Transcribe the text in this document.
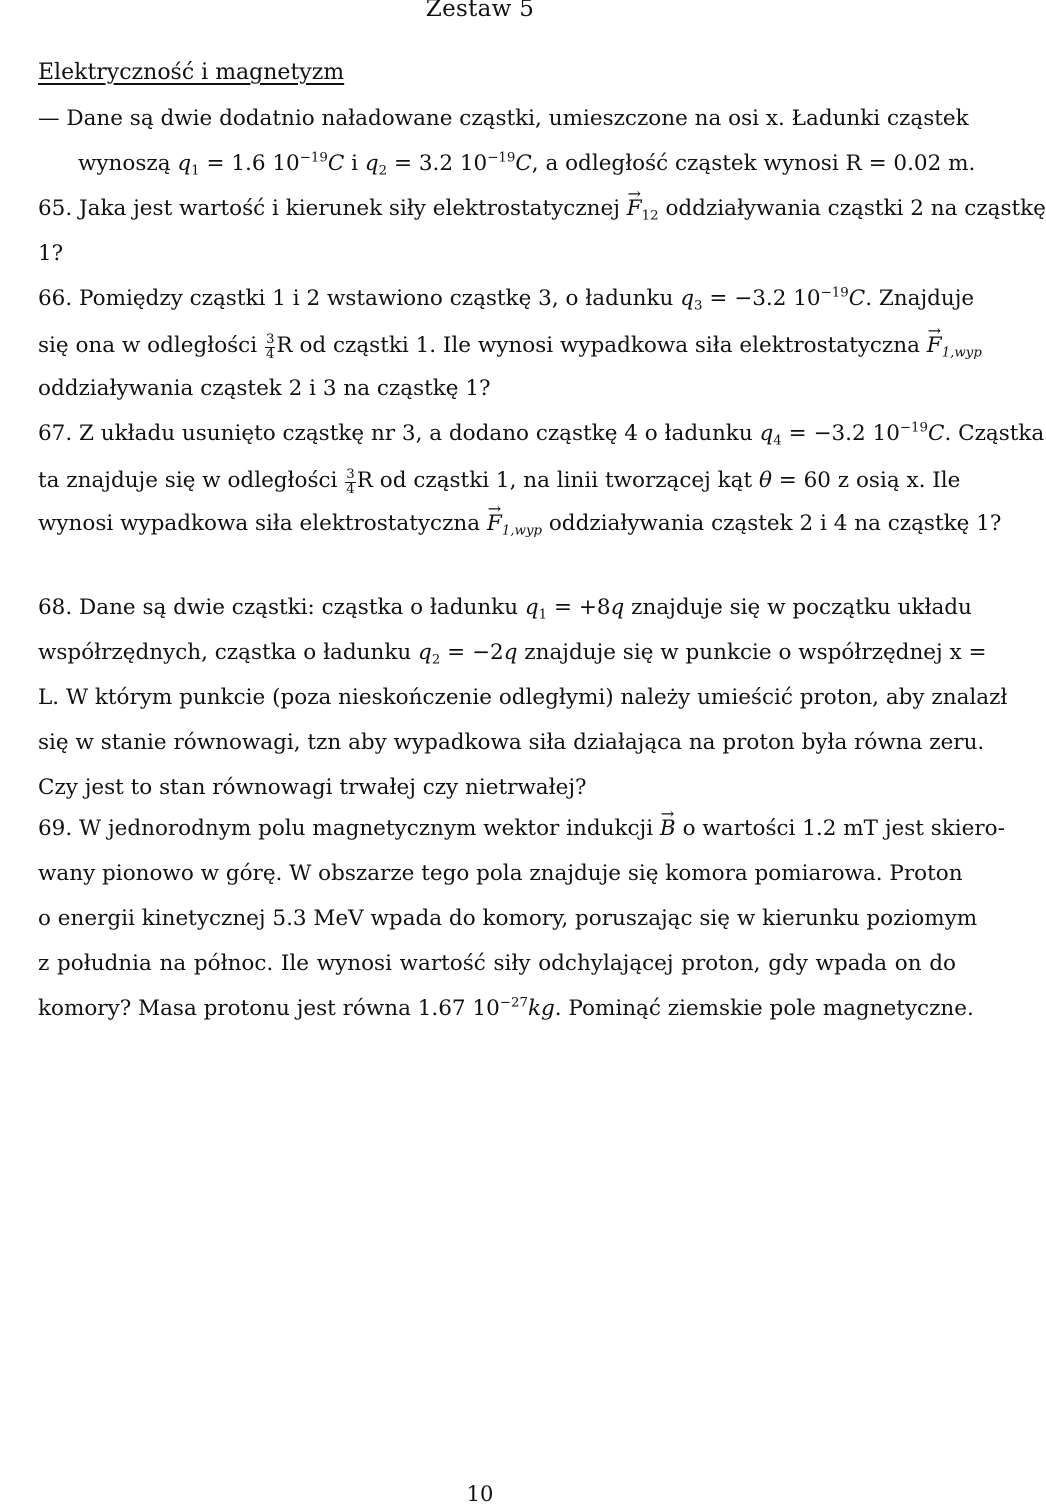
Zestaw 5
Elektryczność i magnetyzm
— Dane są dwie dodatnio naładowane cząstki, umieszczone na osi x. Ładunki cząstek
wynoszą $q_1 = 1.6$ $10^{-19}C$ i $q_2 = 3.2$ $10^{-19}C$, a odległość cząstek wynosi R = 0.02 m.
65. Jaka jest wartość i kierunek siły elektrostatycznej → $F_{12}$ oddziaływania cząstki 2 na cząstkę
1?
66. Pomiędzy cząstki 1 i 2 wstawiono cząstkę 3, o ładunku $q_3 = -3.2$ $10^{-19}C$. Znajduje
się ona w odległości $\frac{3}{4}$ R od cząstki 1. Ile wynosi wypadkowa siła elektrostatyczna → $F_{1,wyp}$
oddziaływania cząstek 2 i 3 na cząstkę 1?
67. Z układu usunięto cząstkę nr 3, a dodano cząstkę 4 o ładunku $q_4 = -3.2$ $10^{-19}C$. Cząstka
ta znajduje się w odległości $\frac{3}{4}$ R od cząstki 1, na linii tworzącej kąt θ = 60 z osią x. Ile
wynosi wypadkowa siła elektrostatyczna → $F_{1,wyp}$ oddziaływania cząstek 2 i 4 na cząstkę 1?
68. Dane są dwie cząstki: cząstka o ładunku $q_1 = +8q$ znajduje się w początku układu
współrzędnych, cząstka o ładunku $q_2 = -2q$ znajduje się w punkcie o współrzędnej x =
L. W którym punkcie (poza nieskończenie odległymi) należy umieścić proton, aby znalazł
się w stanie równowagi, tzn aby wypadkowa siła działająca na proton była równa zeru.
Czy jest to stan równowagi trwałej czy nietrwałej?
69. W jednorodnym polu magnetycznym wektor indukcji → B o wartości 1.2 mT jest skiero-
wany pionowo w górę. W obszarze tego pola znajduje się komora pomiarowa. Proton
o energii kinetycznej 5.3 MeV wpada do komory, poruszając się w kierunku poziomym
z południa na północ. Ile wynosi wartość siły odchylającej proton, gdy wpada on do
komory? Masa protonu jest równa 1.67 $10^{-27}kg$. Pominąć ziemskie pole magnetyczne.
10
